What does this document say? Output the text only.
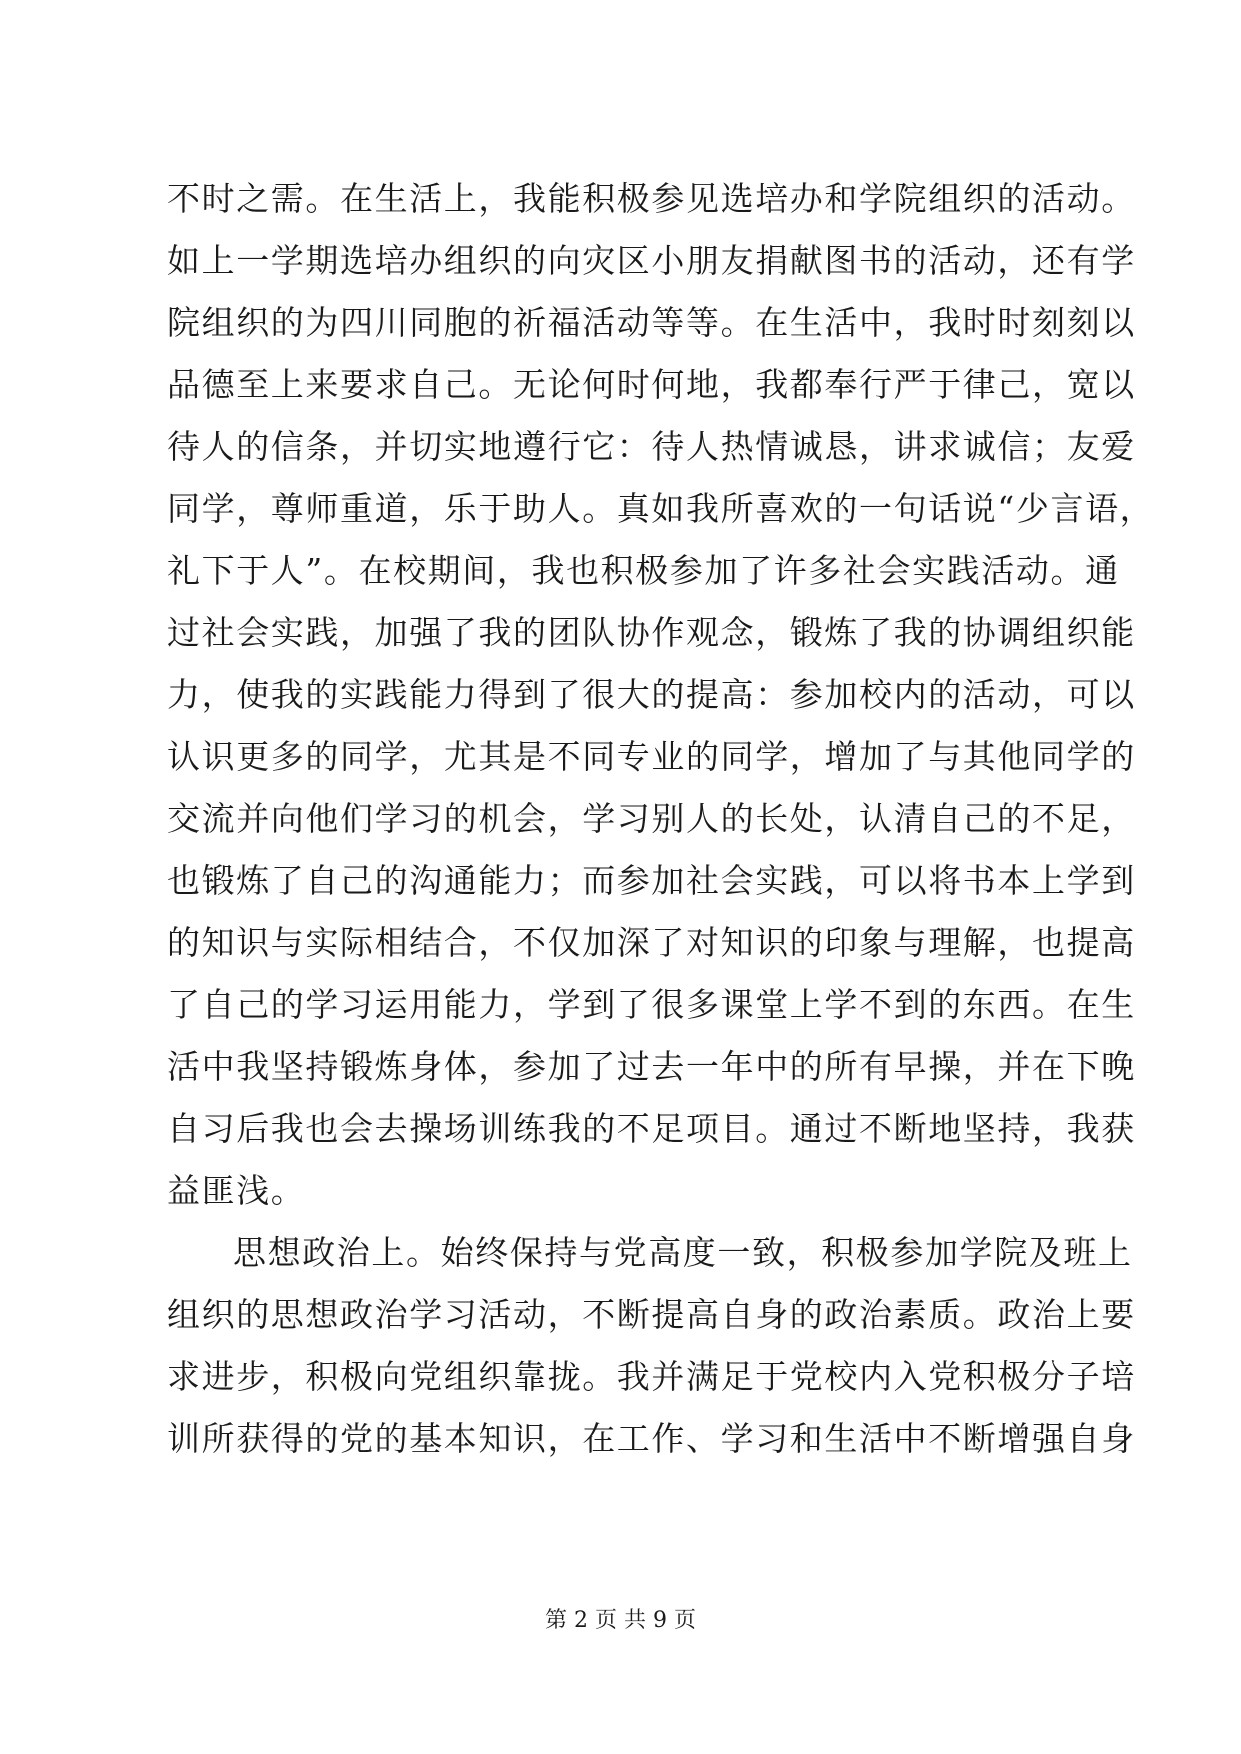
不时之需。在生活上，我能积极参见选培办和学院组织的活动。
如上一学期选培办组织的向灾区小朋友捐献图书的活动，还有学
院组织的为四川同胞的祈福活动等等。在生活中，我时时刻刻以
品德至上来要求自己。无论何时何地，我都奉行严于律己，宽以
待人的信条，并切实地遵行它：待人热情诚恳，讲求诚信；友爱
同学，尊师重道，乐于助人。真如我所喜欢的一句话说“少言语，
礼下于人”。在校期间，我也积极参加了许多社会实践活动。通
过社会实践，加强了我的团队协作观念，锻炼了我的协调组织能
力，使我的实践能力得到了很大的提高：参加校内的活动，可以
认识更多的同学，尤其是不同专业的同学，增加了与其他同学的
交流并向他们学习的机会，学习别人的长处，认清自己的不足，
也锻炼了自己的沟通能力；而参加社会实践，可以将书本上学到
的知识与实际相结合，不仅加深了对知识的印象与理解，也提高
了自己的学习运用能力，学到了很多课堂上学不到的东西。在生
活中我坚持锻炼身体，参加了过去一年中的所有早操，并在下晚
自习后我也会去操场训练我的不足项目。通过不断地坚持，我获
益匪浅。
思想政治上。始终保持与党高度一致，积极参加学院及班上
组织的思想政治学习活动，不断提高自身的政治素质。政治上要
求进步，积极向党组织靠拢。我并满足于党校内入党积极分子培
训所获得的党的基本知识，在工作、学习和生活中不断增强自身
第 2 页 共 9 页
